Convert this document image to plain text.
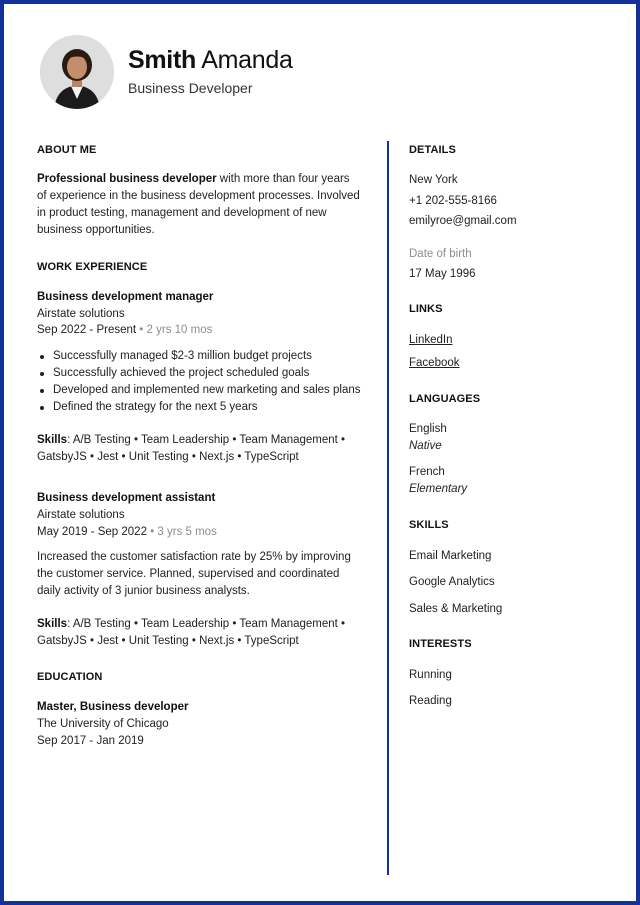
Smith Amanda
Business Developer
ABOUT ME
Professional business developer with more than four years of experience in the business development processes. Involved in product testing, management and development of new business opportunities.
WORK EXPERIENCE
Business development manager
Airstate solutions
Sep 2022 - Present • 2 yrs 10 mos
Successfully managed $2-3 million budget projects
Successfully achieved the project scheduled goals
Developed and implemented new marketing and sales plans
Defined the strategy for the next 5 years
Skills: A/B Testing • Team Leadership • Team Management • GatsbyJS • Jest • Unit Testing • Next.js • TypeScript
Business development assistant
Airstate solutions
May 2019 - Sep 2022 • 3 yrs 5 mos
Increased the customer satisfaction rate by 25% by improving the customer service. Planned, supervised and coordinated daily activity of 3 junior business analysts.
Skills: A/B Testing • Team Leadership • Team Management • GatsbyJS • Jest • Unit Testing • Next.js • TypeScript
EDUCATION
Master, Business developer
The University of Chicago
Sep 2017 - Jan 2019
DETAILS
New York
+1 202-555-8166
emilyroe@gmail.com
Date of birth
17 May 1996
LINKS
LinkedIn
Facebook
LANGUAGES
English
Native
French
Elementary
SKILLS
Email Marketing
Google Analytics
Sales & Marketing
INTERESTS
Running
Reading
